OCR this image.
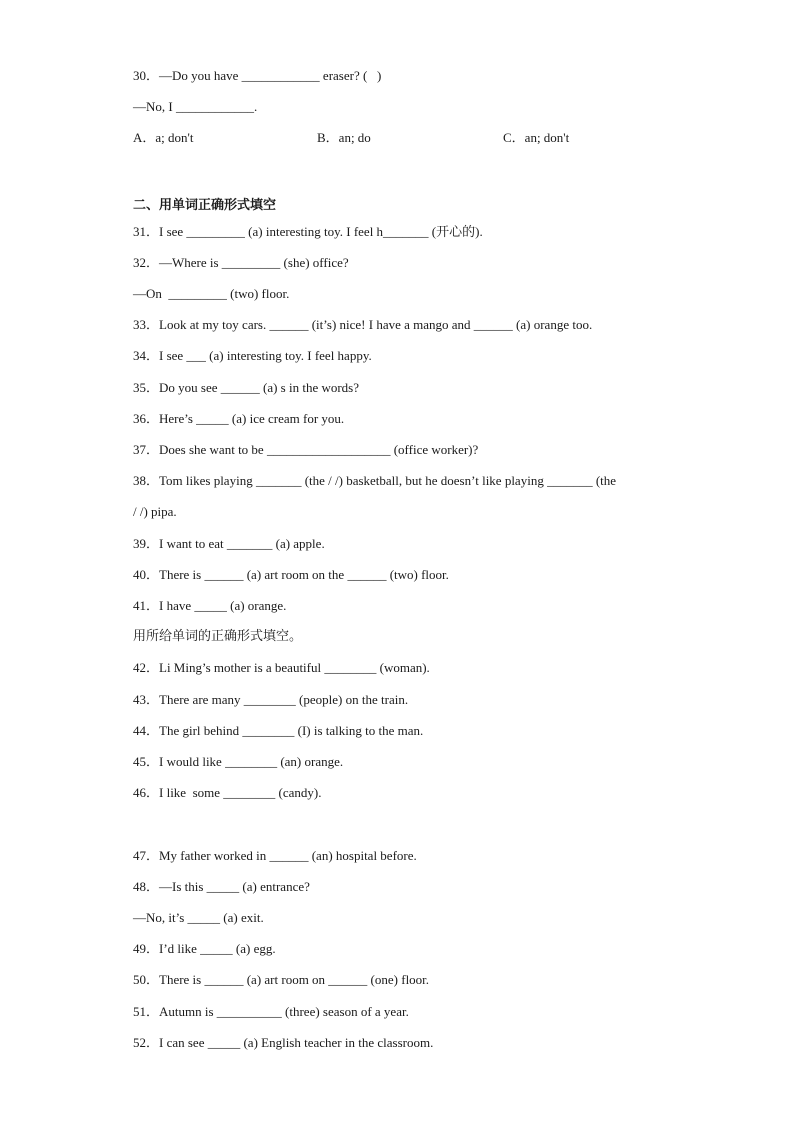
30．—Do you have ____________ eraser? (   )
—No, I ____________.
A．a; don't	B．an; do	C．an; don't
二、用单词正确形式填空
31．I see _________ (a) interesting toy. I feel h_______ (开心的).
32．—Where is _________ (she) office?
—On  _________ (two) floor.
33．Look at my toy cars. ______ (it’s) nice! I have a mango and ______ (a) orange too.
34．I see ___ (a) interesting toy. I feel happy.
35．Do you see ______ (a) s in the words?
36．Here’s _____ (a) ice cream for you.
37．Does she want to be ___________________ (office worker)?
38．Tom likes playing _______ (the / /) basketball, but he doesn’t like playing _______ (the
/ /) pipa.
39．I want to eat _______ (a) apple.
40．There is ______ (a) art room on the ______ (two) floor.
41．I have _____ (a) orange.
用所给单词的正确形式填空。
42．Li Ming’s mother is a beautiful ________ (woman).
43．There are many ________ (people) on the train.
44．The girl behind ________ (I) is talking to the man.
45．I would like ________ (an) orange.
46．I like  some ________ (candy).
47．My father worked in ______ (an) hospital before.
48．—Is this _____ (a) entrance?
—No, it’s _____ (a) exit.
49．I’d like _____ (a) egg.
50．There is ______ (a) art room on ______ (one) floor.
51．Autumn is __________ (three) season of a year.
52．I can see _____ (a) English teacher in the classroom.
